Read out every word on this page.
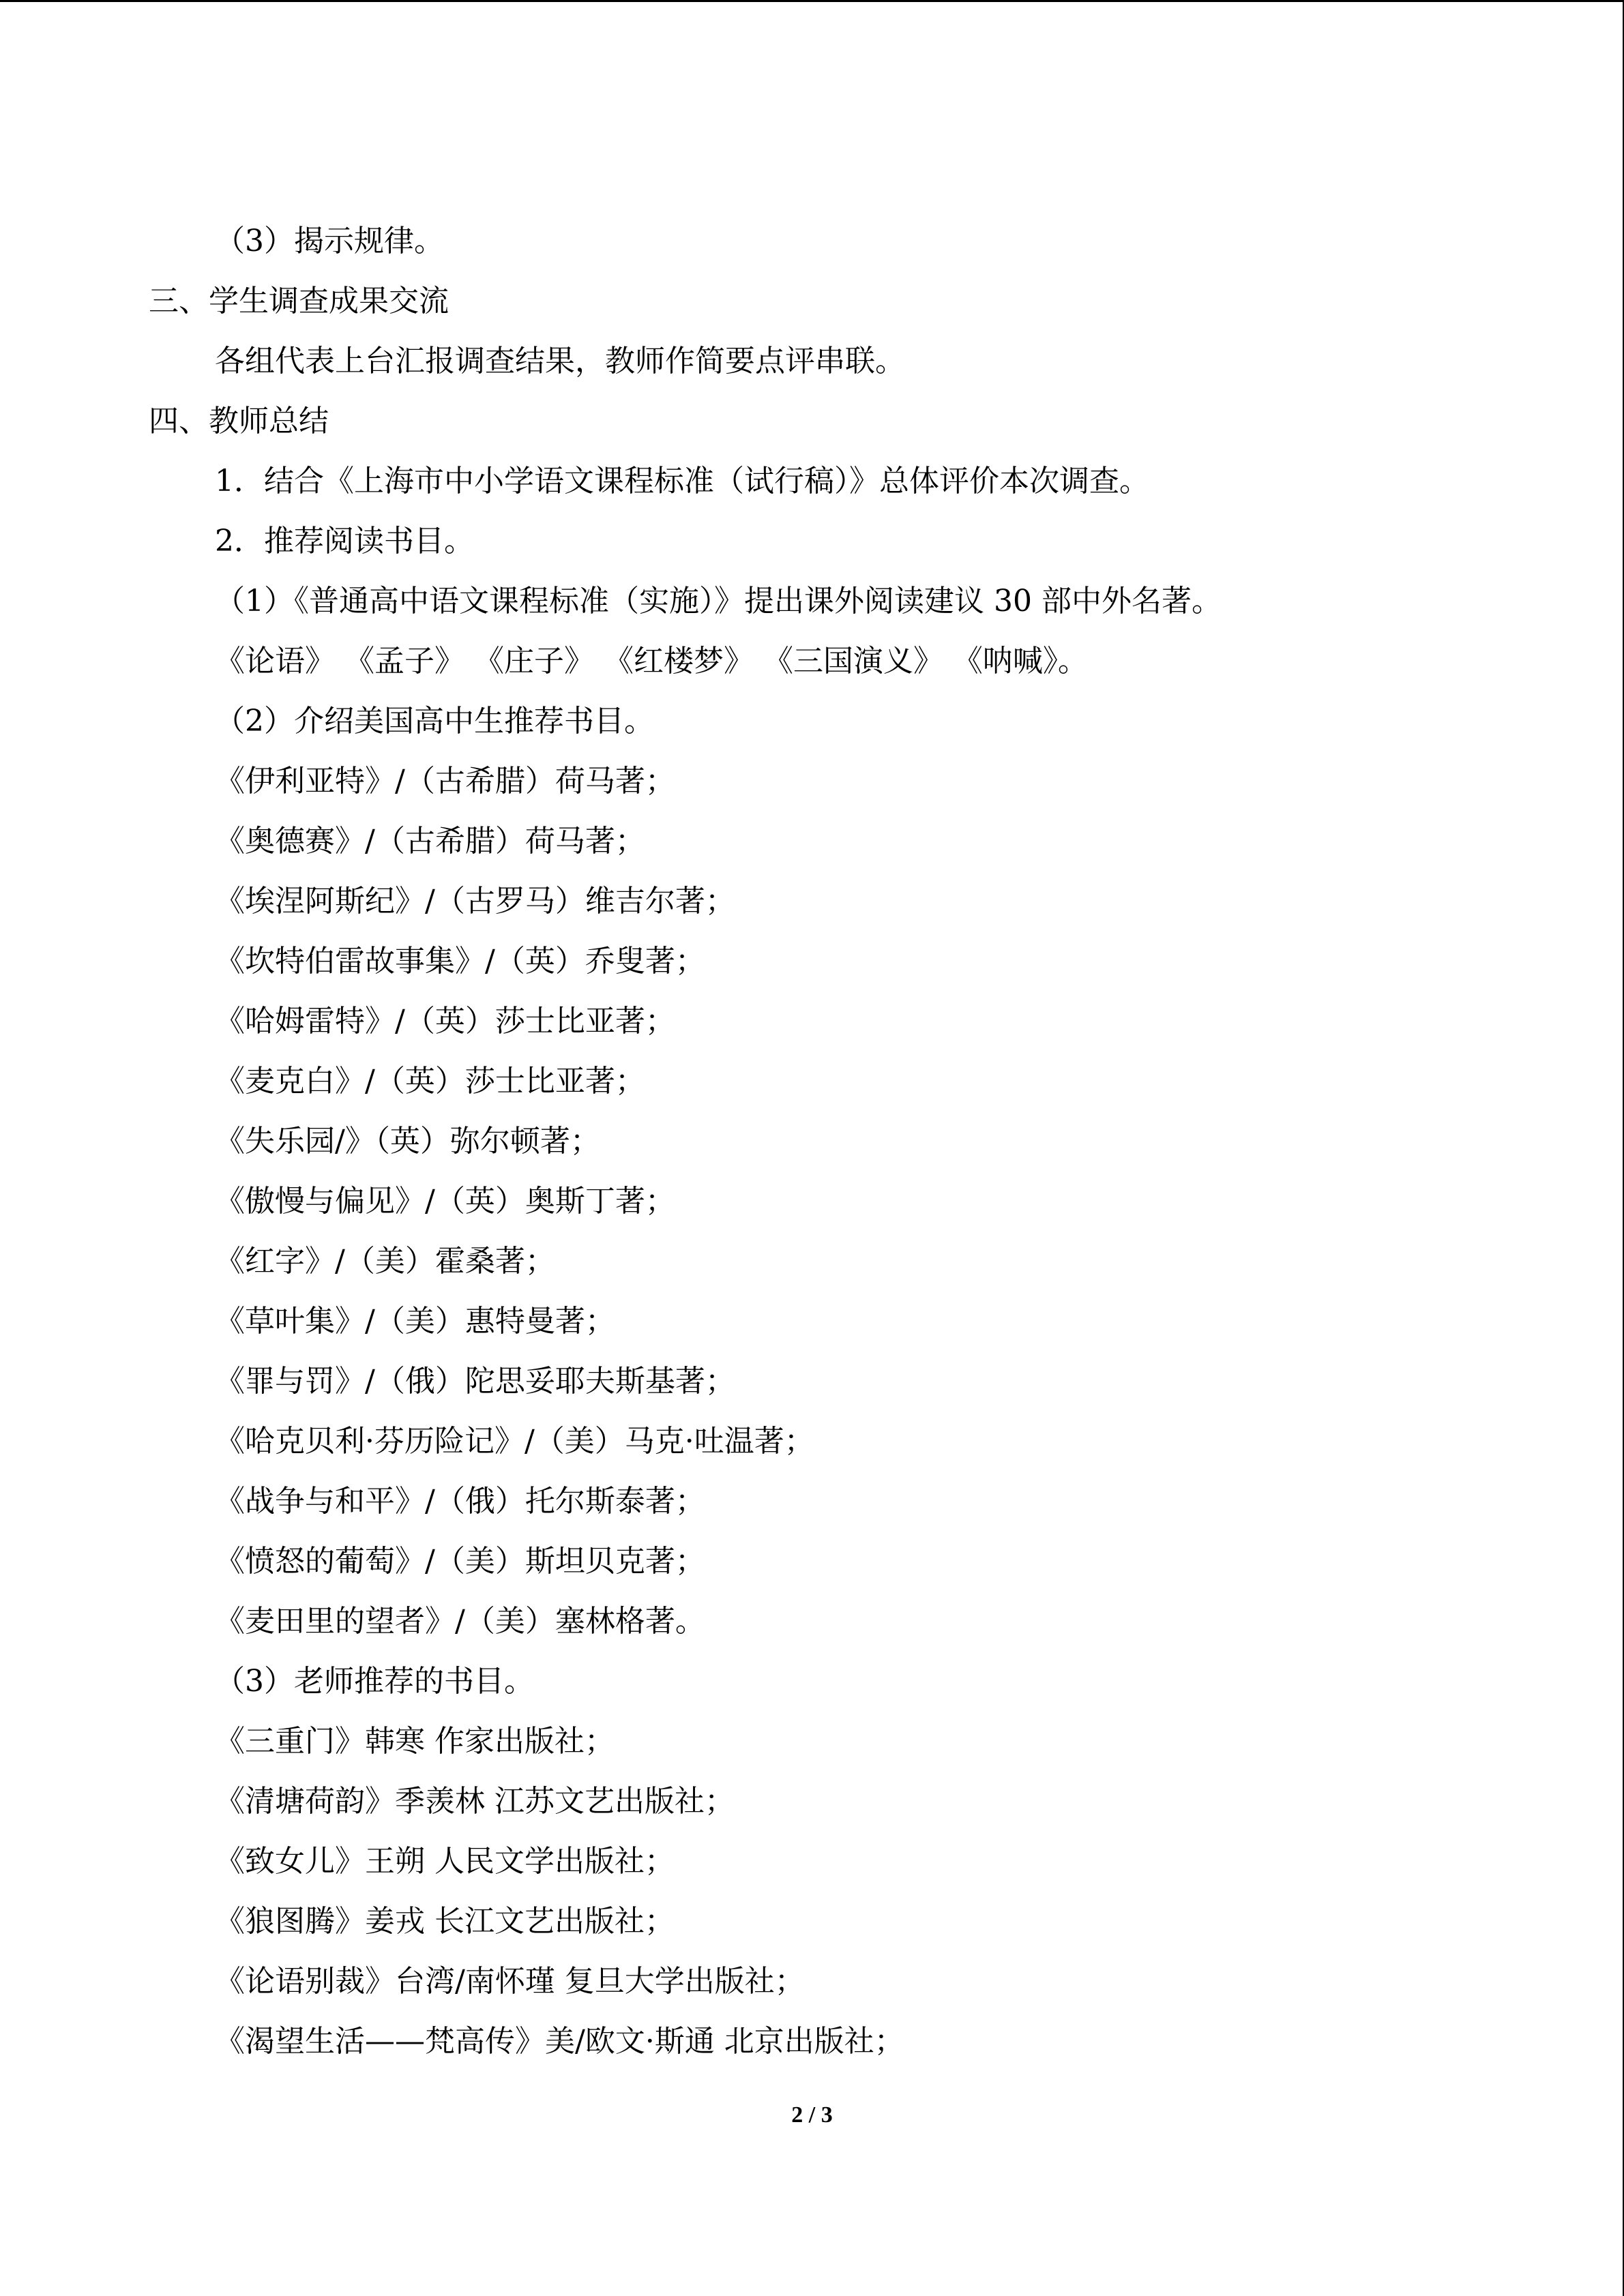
（3）揭示规律。
三、学生调查成果交流
各组代表上台汇报调查结果，教师作简要点评串联。
四、教师总结
1．结合《上海市中小学语文课程标准（试行稿）》总体评价本次调查。
2．推荐阅读书目。
（1）《普通高中语文课程标准（实施）》提出课外阅读建议 30 部中外名著。
《论语》 《孟子》 《庄子》 《红楼梦》 《三国演义》 《呐喊》。
（2）介绍美国高中生推荐书目。
《伊利亚特》/（古希腊）荷马著；
《奥德赛》/（古希腊）荷马著；
《埃涅阿斯纪》/（古罗马）维吉尔著；
《坎特伯雷故事集》/（英）乔叟著；
《哈姆雷特》/（英）莎士比亚著；
《麦克白》/（英）莎士比亚著；
《失乐园/》（英）弥尔顿著；
《傲慢与偏见》/（英）奥斯丁著；
《红字》/（美）霍桑著；
《草叶集》/（美）惠特曼著；
《罪与罚》/（俄）陀思妥耶夫斯基著；
《哈克贝利·芬历险记》/（美）马克·吐温著；
《战争与和平》/（俄）托尔斯泰著；
《愤怒的葡萄》/（美）斯坦贝克著；
《麦田里的望者》/（美）塞林格著。
（3）老师推荐的书目。
《三重门》韩寒 作家出版社；
《清塘荷韵》季羡林 江苏文艺出版社；
《致女儿》王朔 人民文学出版社；
《狼图腾》姜戎 长江文艺出版社；
《论语别裁》台湾/南怀瑾 复旦大学出版社；
《渴望生活——梵高传》美/欧文·斯通 北京出版社；
2 / 3
